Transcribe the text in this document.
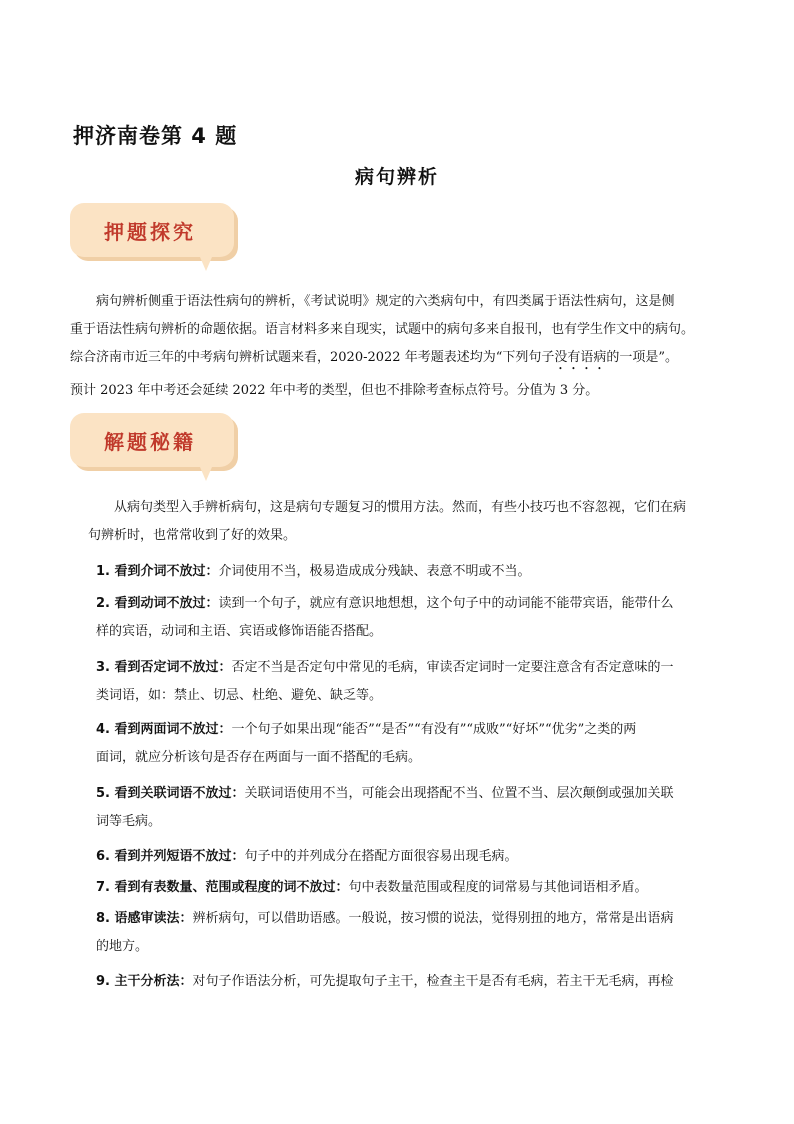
押济南卷第 4 题
病句辨析
押题探究
病句辨析侧重于语法性病句的辨析，《考试说明》规定的六类病句中，有四类属于语法性病句，这是侧
重于语法性病句辨析的命题依据。语言材料多来自现实，试题中的病句多来自报刊，也有学生作文中的病句。
综合济南市近三年的中考病句辨析试题来看，2020-2022 年考题表述均为“下列句子没有语病的一项是”。
预计 2023 年中考还会延续 2022 年中考的类型，但也不排除考查标点符号。分值为 3 分。
解题秘籍
从病句类型入手辨析病句，这是病句专题复习的惯用方法。然而，有些小技巧也不容忽视，它们在病
句辨析时，也常常收到了好的效果。
1. 看到介词不放过：介词使用不当，极易造成成分残缺、表意不明或不当。
2. 看到动词不放过：读到一个句子，就应有意识地想想，这个句子中的动词能不能带宾语，能带什么
样的宾语，动词和主语、宾语或修饰语能否搭配。
3. 看到否定词不放过：否定不当是否定句中常见的毛病，审读否定词时一定要注意含有否定意味的一
类词语，如：禁止、切忌、杜绝、避免、缺乏等。
4. 看到两面词不放过：一个句子如果出现“能否”“是否”“有没有”“成败”“好坏”“优劣”之类的两
面词，就应分析该句是否存在两面与一面不搭配的毛病。
5. 看到关联词语不放过：关联词语使用不当，可能会出现搭配不当、位置不当、层次颠倒或强加关联
词等毛病。
6. 看到并列短语不放过：句子中的并列成分在搭配方面很容易出现毛病。
7. 看到有表数量、范围或程度的词不放过：句中表数量范围或程度的词常易与其他词语相矛盾。
8. 语感审读法：辨析病句，可以借助语感。一般说，按习惯的说法，觉得别扭的地方，常常是出语病
的地方。
9. 主干分析法：对句子作语法分析，可先提取句子主干，检查主干是否有毛病，若主干无毛病，再检
